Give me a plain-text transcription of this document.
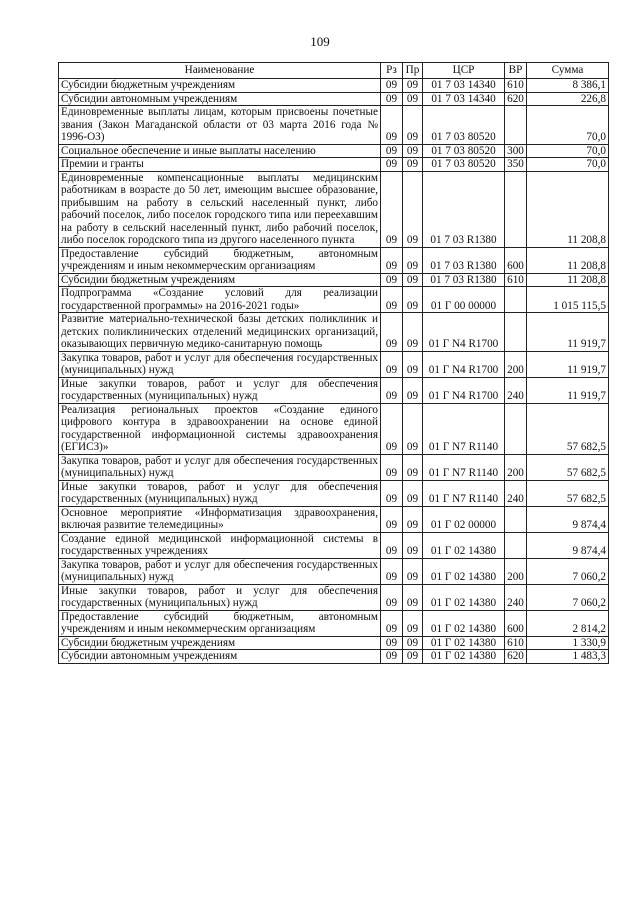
109
Наименование	Рз	Пр	ЦСР	ВР	Сумма
Субсидии бюджетным учреждениям	09	09	01 7 03 14340	610	8 386,1
Субсидии автономным учреждениям	09	09	01 7 03 14340	620	226,8
Единовременные выплаты лицам, которым присвоены почетные звания (Закон Магаданской области от 03 марта 2016 года № 1996-ОЗ)	09	09	01 7 03 80520		70,0
Социальное обеспечение и иные выплаты населению	09	09	01 7 03 80520	300	70,0
Премии и гранты	09	09	01 7 03 80520	350	70,0
Единовременные компенсационные выплаты медицинским работникам в возрасте до 50 лет, имеющим высшее образование, прибывшим на работу в сельский населенный пункт, либо рабочий поселок, либо поселок городского типа или переехавшим на работу в сельский населенный пункт, либо рабочий поселок, либо поселок городского типа из другого населенного пункта	09	09	01 7 03 R1380		11 208,8
Предоставление субсидий бюджетным, автономным учреждениям и иным некоммерческим организациям	09	09	01 7 03 R1380	600	11 208,8
Субсидии бюджетным учреждениям	09	09	01 7 03 R1380	610	11 208,8
Подпрограмма «Создание условий для реализации государственной программы» на 2016-2021 годы»	09	09	01 Г 00 00000		1 015 115,5
Развитие материально-технической базы детских поликлиник и детских поликлинических отделений медицинских организаций, оказывающих первичную медико-санитарную помощь	09	09	01 Г N4 R1700		11 919,7
Закупка товаров, работ и услуг для обеспечения государственных (муниципальных) нужд	09	09	01 Г N4 R1700	200	11 919,7
Иные закупки товаров, работ и услуг для обеспечения государственных (муниципальных) нужд	09	09	01 Г N4 R1700	240	11 919,7
Реализация региональных проектов «Создание единого цифрового контура в здравоохранении на основе единой государственной информационной системы здравоохранения (ЕГИСЗ)»	09	09	01 Г N7 R1140		57 682,5
Закупка товаров, работ и услуг для обеспечения государственных (муниципальных) нужд	09	09	01 Г N7 R1140	200	57 682,5
Иные закупки товаров, работ и услуг для обеспечения государственных (муниципальных) нужд	09	09	01 Г N7 R1140	240	57 682,5
Основное мероприятие «Информатизация здравоохранения, включая развитие телемедицины»	09	09	01 Г 02 00000		9 874,4
Создание единой медицинской информационной системы в государственных учреждениях	09	09	01 Г 02 14380		9 874,4
Закупка товаров, работ и услуг для обеспечения государственных (муниципальных) нужд	09	09	01 Г 02 14380	200	7 060,2
Иные закупки товаров, работ и услуг для обеспечения государственных (муниципальных) нужд	09	09	01 Г 02 14380	240	7 060,2
Предоставление субсидий бюджетным, автономным учреждениям и иным некоммерческим организациям	09	09	01 Г 02 14380	600	2 814,2
Субсидии бюджетным учреждениям	09	09	01 Г 02 14380	610	1 330,9
Субсидии автономным учреждениям	09	09	01 Г 02 14380	620	1 483,3
